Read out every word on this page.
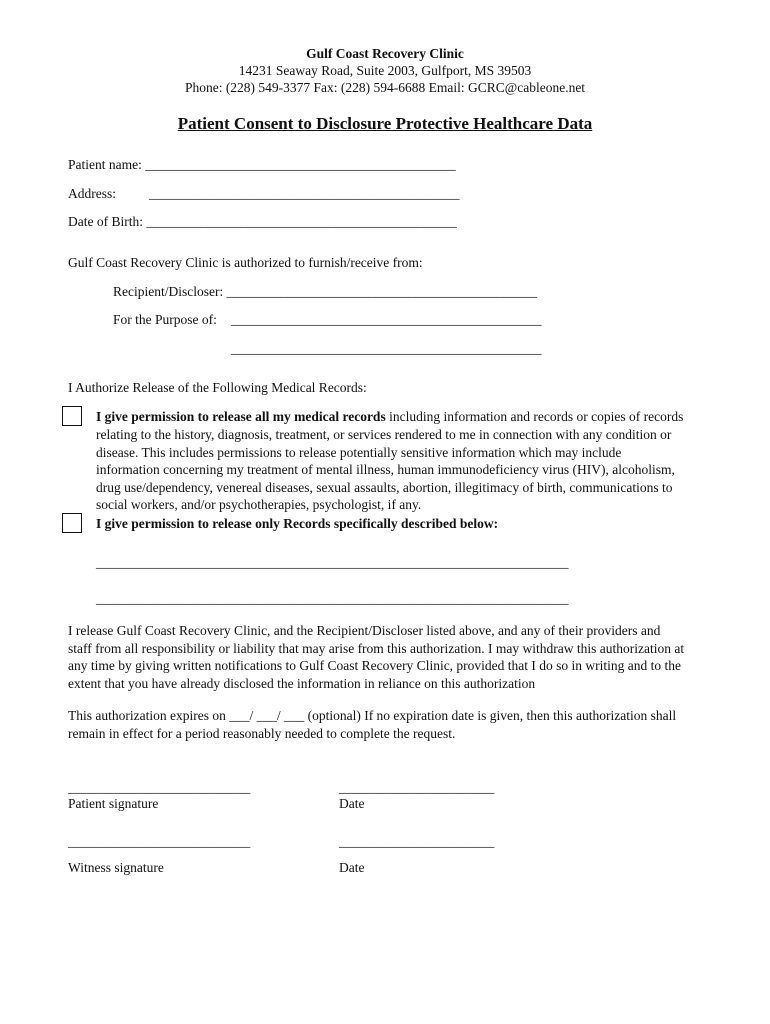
Gulf Coast Recovery Clinic
14231 Seaway Road, Suite 2003, Gulfport, MS 39503
Phone: (228) 549-3377 Fax: (228) 594-6688 Email: GCRC@cableone.net
Patient Consent to Disclosure Protective Healthcare Data
Patient name: ______________________________________________
Address: ______________________________________________
Date of Birth: ______________________________________________
Gulf Coast Recovery Clinic is authorized to furnish/receive from:
Recipient/Discloser: ______________________________________________
For the Purpose of: ______________________________________________
______________________________________________
I Authorize Release of the Following Medical Records:
I give permission to release all my medical records including information and records or copies of records
relating to the history, diagnosis, treatment, or services rendered to me in connection with any condition or
disease. This includes permissions to release potentially sensitive information which may include
information concerning my treatment of mental illness, human immunodeficiency virus (HIV), alcoholism,
drug use/dependency, venereal diseases, sexual assaults, abortion, illegitimacy of birth, communications to
social workers, and/or psychotherapies, psychologist, if any.
I give permission to release only Records specifically described below:
______________________________________________________________________
______________________________________________________________________
I release Gulf Coast Recovery Clinic, and the Recipient/Discloser listed above, and any of their providers and
staff from all responsibility or liability that may arise from this authorization. I may withdraw this authorization at
any time by giving written notifications to Gulf Coast Recovery Clinic, provided that I do so in writing and to the
extent that you have already disclosed the information in reliance on this authorization
This authorization expires on ___/ ___/ ___ (optional) If no expiration date is given, then this authorization shall
remain in effect for a period reasonably needed to complete the request.
___________________________
Patient signature
_______________________
Date
___________________________
Witness signature
_______________________
Date
